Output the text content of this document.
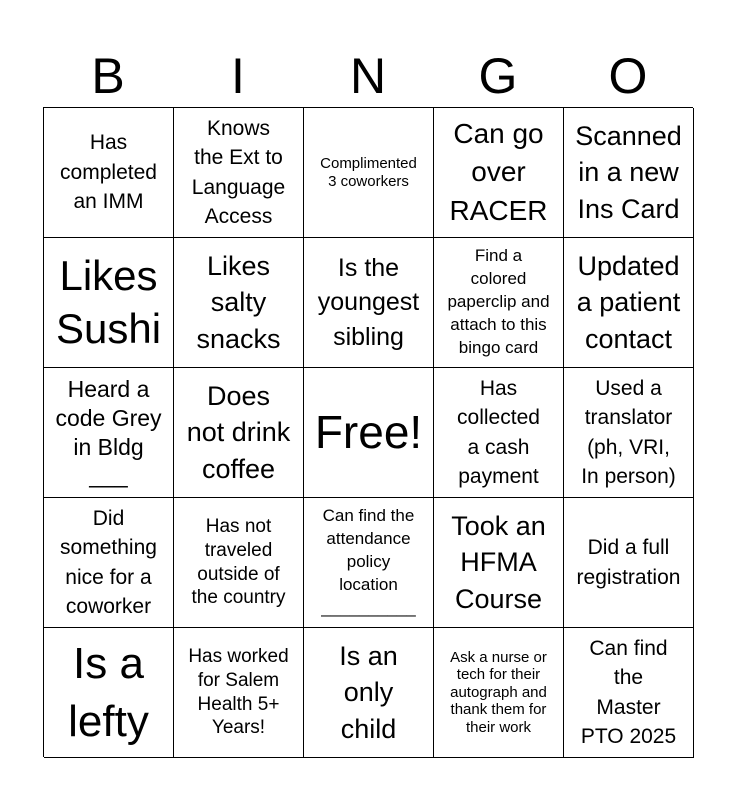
B	I	N	G	O
Has
completed
an IMM
Knows
the Ext to
Language
Access
Complimented
3 coworkers
Can go
over
RACER
Scanned
in a new
Ins Card
Likes
Sushi
Likes
salty
snacks
Is the
youngest
sibling
Find a
colored
paperclip and
attach to this
bingo card
Updated
a patient
contact
Heard a
code Grey
in Bldg
___
Does
not drink
coffee
Free!
Has
collected
a cash
payment
Used a
translator
(ph, VRI,
In person)
Did
something
nice for a
coworker
Has not
traveled
outside of
the country
Can find the
attendance
policy
location
__________
Took an
HFMA
Course
Did a full
registration
Is a
lefty
Has worked
for Salem
Health 5+
Years!
Is an
only
child
Ask a nurse or
tech for their
autograph and
thank them for
their work
Can find
the
Master
PTO 2025
